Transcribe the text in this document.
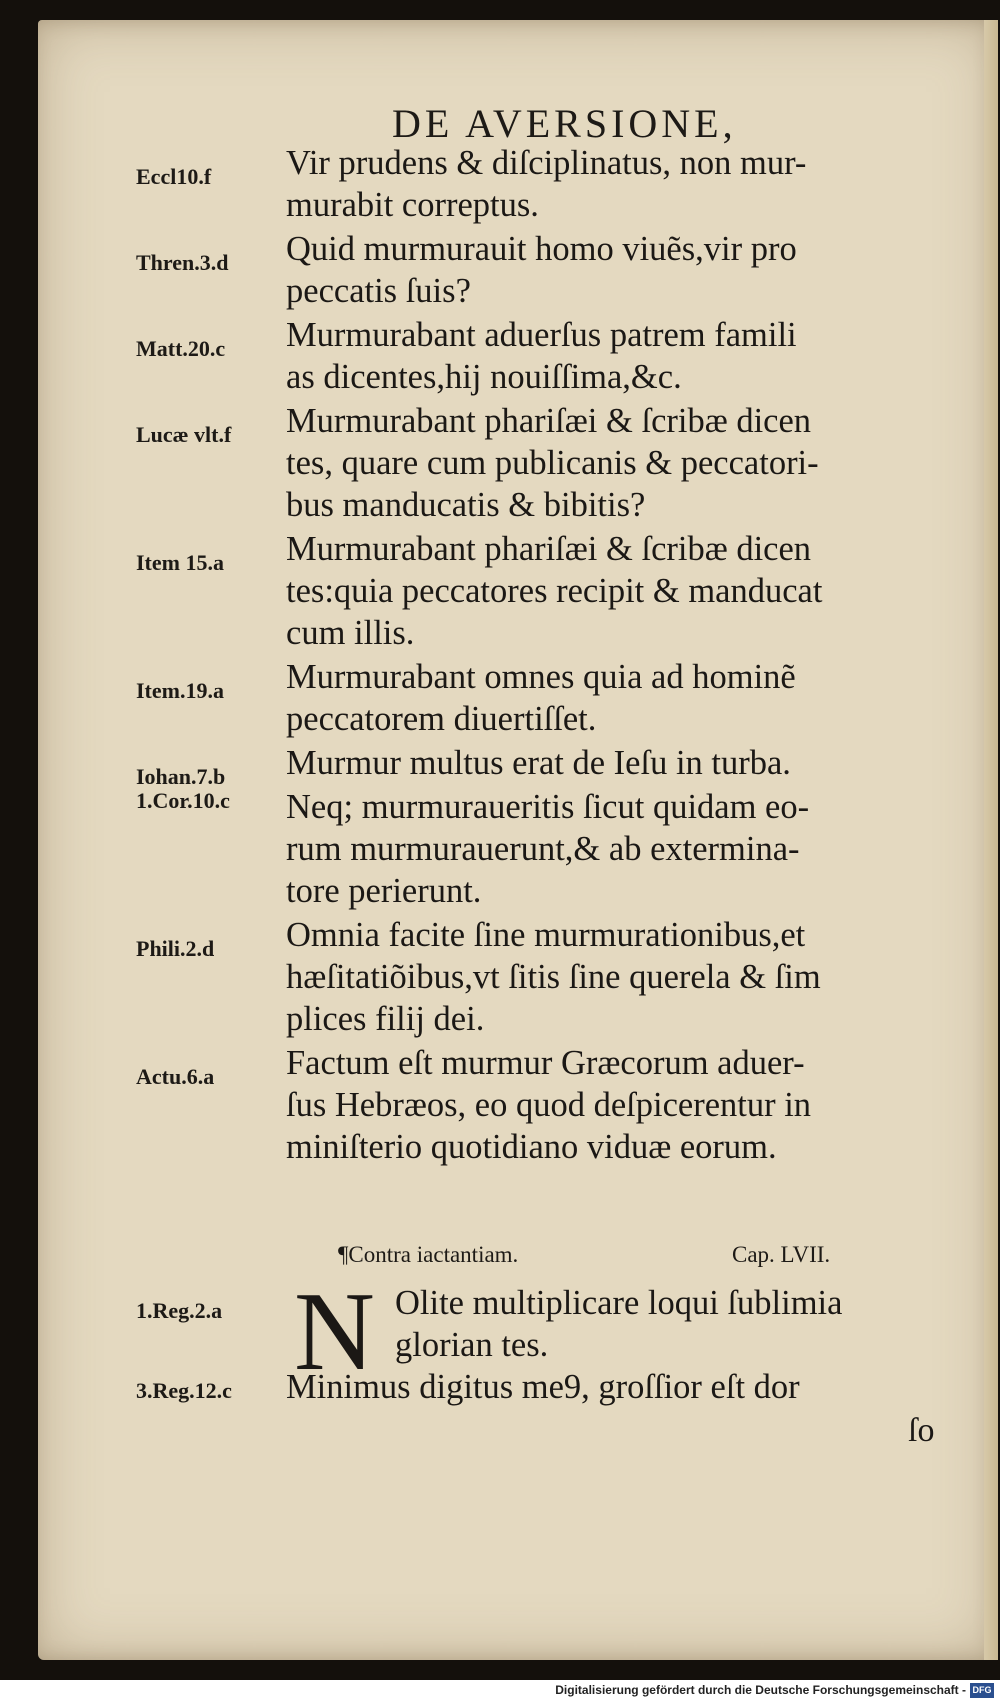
DE AVERSIONE,
Eccl10.f	Vir prudens & diſciplinatus, non mur-
murabit correptus.
Thren.3.d	Quid murmurauit homo viuẽs,vir pro
peccatis ſuis?
Matt.20.c	Murmurabant aduerſus patrem famili
as dicentes,hij nouiſſima,&c.
Lucæ vlt.f	Murmurabant phariſæi & ſcribæ dicen
tes, quare cum publicanis & peccatori-
bus manducatis & bibitis?
Item 15.a	Murmurabant phariſæi & ſcribæ dicen
tes:quia peccatores recipit & manducat
cum illis.
Item.19.a	Murmurabant omnes quia ad hominẽ
peccatorem diuertiſſet.
Iohan.7.b	Murmur multus erat de Ieſu in turba.
1.Cor.10.c	Neq; murmuraueritis ſicut quidam eo-
rum murmurauerunt,& ab extermina-
tore perierunt.
Phili.2.d	Omnia facite ſine murmurationibus,et
hæſitatiõibus,vt ſitis ſine querela & ſim
plices filij dei.
Actu.6.a	Factum eſt murmur Græcorum aduer-
ſus Hebræos, eo quod deſpicerentur in
miniſterio quotidiano viduæ eorum.
¶Contra iactantiam.	Cap. LVII.
1.Reg.2.a N Olite multiplicare loqui ſublimia
glorian tes.
3.Reg.12.c	Minimus digitus me9, groſſior eſt dor
ſo
Digitalisierung gefördert durch die Deutsche Forschungsgemeinschaft - DFG
